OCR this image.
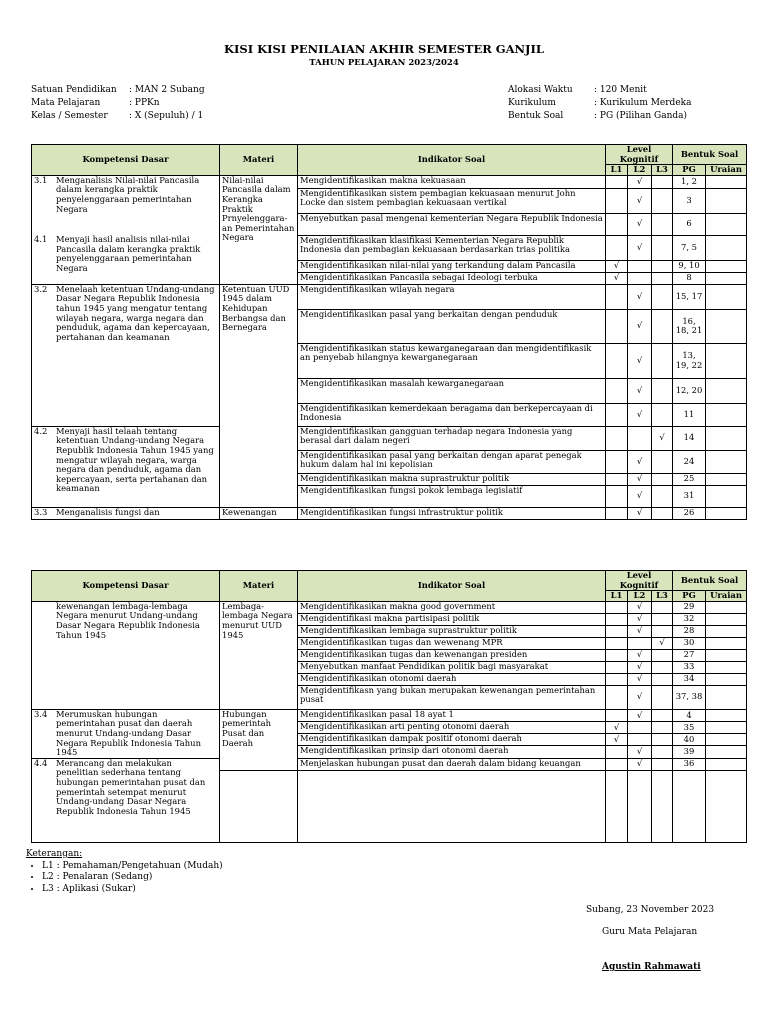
KISI KISI PENILAIAN AKHIR SEMESTER GANJIL
TAHUN PELAJARAN 2023/2024
Satuan Pendidikan	: MAN 2 Subang
Mata Pelajaran	: PPKn
Kelas / Semester	: X (Sepuluh) / 1
Alokasi Waktu	: 120 Menit
Kurikulum	: Kurikulum Merdeka
Bentuk Soal	: PG (Pilihan Ganda)
Kompetensi Dasar	Materi	Indikator Soal	Level Kognitif			Bentuk Soal	
			L1	L2	L3	PG	Uraian

3.1 Menganalisis Nilai-nilai Pancasila dalam kerangka praktik penyelenggaraan pemerintahan Negara	Nilai-nilai Pancasila dalam Kerangka Praktik Prnyelenggara-an Pemerintahan Negara	Mengidentifikasikan makna kekuasaan		√		1, 2	
		Mengidentifikasikan sistem pembagian kekuasaan menurut John Locke dan sistem pembagian kekuasaan vertikal		√		3	
		Menyebutkan pasal mengenai kementerian Negara Republik Indonesia		√		6	

4.1 Menyaji hasil analisis nilai-nilai Pancasila dalam kerangka praktik penyelenggaraan pemerintahan Negara		Mengidentifikasikan klasifikasi Kementerian Negara Republik Indonesia dan pembagian kekuasaan berdasarkan trias politika		√		7, 5	
		Mengidentifikasikan nilai-nilai yang terkandung dalam Pancasila	√			9, 10	
		Mengidentifikasikan Pancasila sebagai Ideologi terbuka	√			8	

3.2 Menelaah ketentuan Undang-undang Dasar Negara Republik Indonesia tahun 1945 yang mengatur tentang wilayah negara, warga negara dan penduduk, agama dan kepercayaan, pertahanan dan keamanan	Ketentuan UUD 1945 dalam Kehidupan Berbangsa dan Bernegara	Mengidentifikasikan wilayah negara		√		15, 17	
		Mengidentifikasikan pasal yang berkaitan dengan penduduk		√		16, 18, 21	
		Mengidentifikasikan status kewarganegaraan dan mengidentifikasik an penyebab hilangnya kewarganegaraan		√		13, 19, 22	
		Mengidentifikasikan masalah kewarganegaraan		√		12, 20	
		Mengidentifikasikan kemerdekaan beragama dan berkepercayaan di Indonesia		√		11	

4.2 Menyaji hasil telaah tentang ketentuan Undang-undang Negara Republik Indonesia Tahun 1945 yang mengatur wilayah negara, warga negara dan penduduk, agama dan kepercayaan, serta pertahanan dan keamanan		Mengidentifikasikan gangguan terhadap negara Indonesia yang berasal dari dalam negeri			√	14	
		Mengidentifikasikan pasal yang berkaitan dengan aparat penegak hukum dalam hal ini kepolisian		√		24	
		Mengidentifikasikan makna suprastruktur politik		√		25	
		Mengidentifikasikan fungsi pokok lembaga legislatif		√		31	

3.3 Menganalisis fungsi dan	Kewenangan	Mengidentifikasikan fungsi infrastruktur politik		√		26	
Kompetensi Dasar	Materi	Indikator Soal	Level Kognitif			Bentuk Soal	
			L1	L2	L3	PG	Uraian

kewenangan lembaga-lembaga Negara menurut Undang-undang Dasar Negara Republik Indonesia Tahun 1945	Lembaga-lembaga Negara menurut UUD 1945	Mengidentifikasikan makna good government		√		29	
		Mengidentifikasi makna partisipasi politik		√		32	
		Mengidentifikasikan lembaga suprastruktur politik		√		28	
		Mengidentifikasikan tugas dan wewenang MPR			√	30	
		Mengidentifikasikan tugas dan kewenangan presiden		√		27	
		Menyebutkan manfaat Pendidikan politik bagi masyarakat		√		33	
		Mengidentifikasikan otonomi daerah		√		34	
		Mengidentifikasn yang bukan merupakan kewenangan pemerintahan pusat		√		37, 38	

3.4 Merumuskan hubungan pemerintahan pusat dan daerah menurut Undang-undang Dasar Negara Republik Indonesia Tahun 1945	Hubungan pemerintah Pusat dan Daerah	Mengidentifikasikan pasal 18 ayat 1		√		4	
		Mengidentifikasikan arti penting otonomi daerah	√			35	
		Mengidentifikasikan dampak positif otonomi daerah	√			40	
		Mengidentifikasikan prinsip dari otonomi daerah		√		39	

4.4 Merancang dan melakukan penelitian sederhana tentang hubungan pemerintahan pusat dan pemerintah setempat menurut Undang-undang Dasar Negara Republik Indonesia Tahun 1945		Menjelaskan hubungan pusat dan daerah dalam bidang keuangan		√		36	

Keterangan:
• L1 : Pemahaman/Pengetahuan (Mudah)
• L2 : Penalaran (Sedang)
• L3 : Aplikasi (Sukar)
Subang, 23 November 2023
Guru Mata Pelajaran
Agustin Rahmawati
